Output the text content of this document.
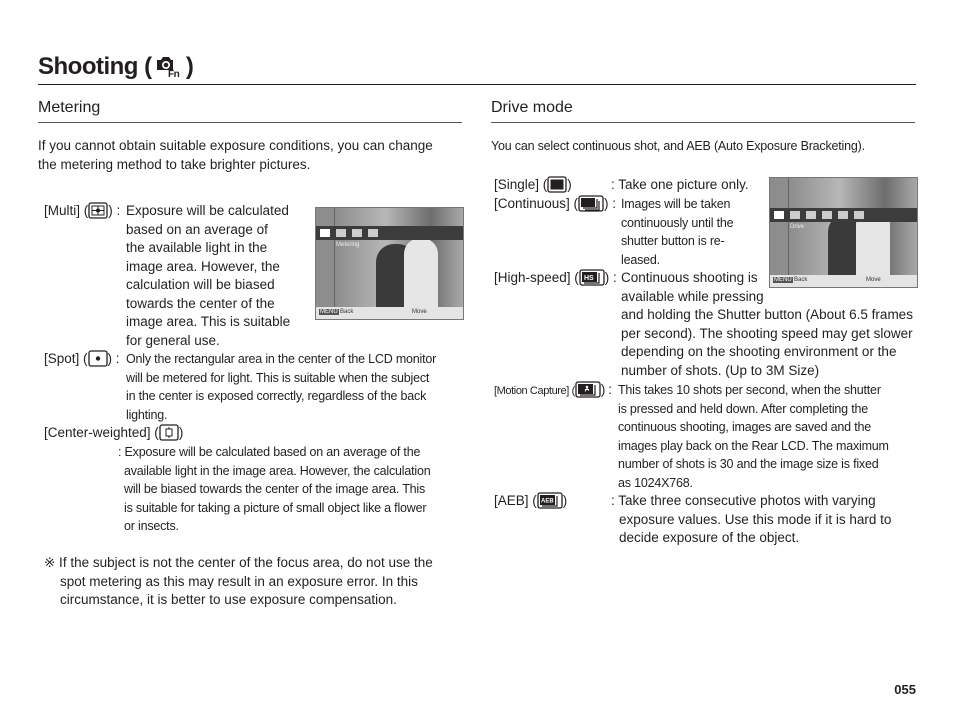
Shooting ( Fn )
Metering
If you cannot obtain suitable exposure conditions, you can change
the metering method to take brighter pictures.
[Multi] ( ) : Exposure will be calculated
based on an average of
the available light in the
image area. However, the
calculation will be biased
towards the center of the
image area. This is suitable
for general use.
Metering
MENU Back	Move
[Spot] ( ) : Only the rectangular area in the center of the LCD monitor
will be metered for light. This is suitable when the subject
in the center is exposed correctly, regardless of the back
lighting.
[Center-weighted] ( )
: Exposure will be calculated based on an average of the
available light in the image area. However, the calculation
will be biased towards the center of the image area. This
is suitable for taking a picture of small object like a flower
or insects.
※ If the subject is not the center of the focus area, do not use the
spot metering as this may result in an exposure error. In this
circumstance, it is better to use exposure compensation.
Drive mode
You can select continuous shot, and AEB (Auto Exposure Bracketing).
[Single] ( )	: Take one picture only.
[Continuous] ( ) : Images will be taken
continuously until the
shutter button is re-
leased.
Drive
MENU Back	Move
[High-speed] ( HS ) : Continuous shooting is
available while pressing
and holding the Shutter button (About 6.5 frames
per second). The shooting speed may get slower
depending on the shooting environment or the
number of shots. (Up to 3M Size)
[Motion Capture] ( ) : This takes 10 shots per second, when the shutter
is pressed and held down. After completing the
continuous shooting, images are saved and the
images play back on the Rear LCD. The maximum
number of shots is 30 and the image size is fixed
as 1024X768.
[AEB] ( AEB )	: Take three consecutive photos with varying
exposure values. Use this mode if it is hard to
decide exposure of the object.
055
